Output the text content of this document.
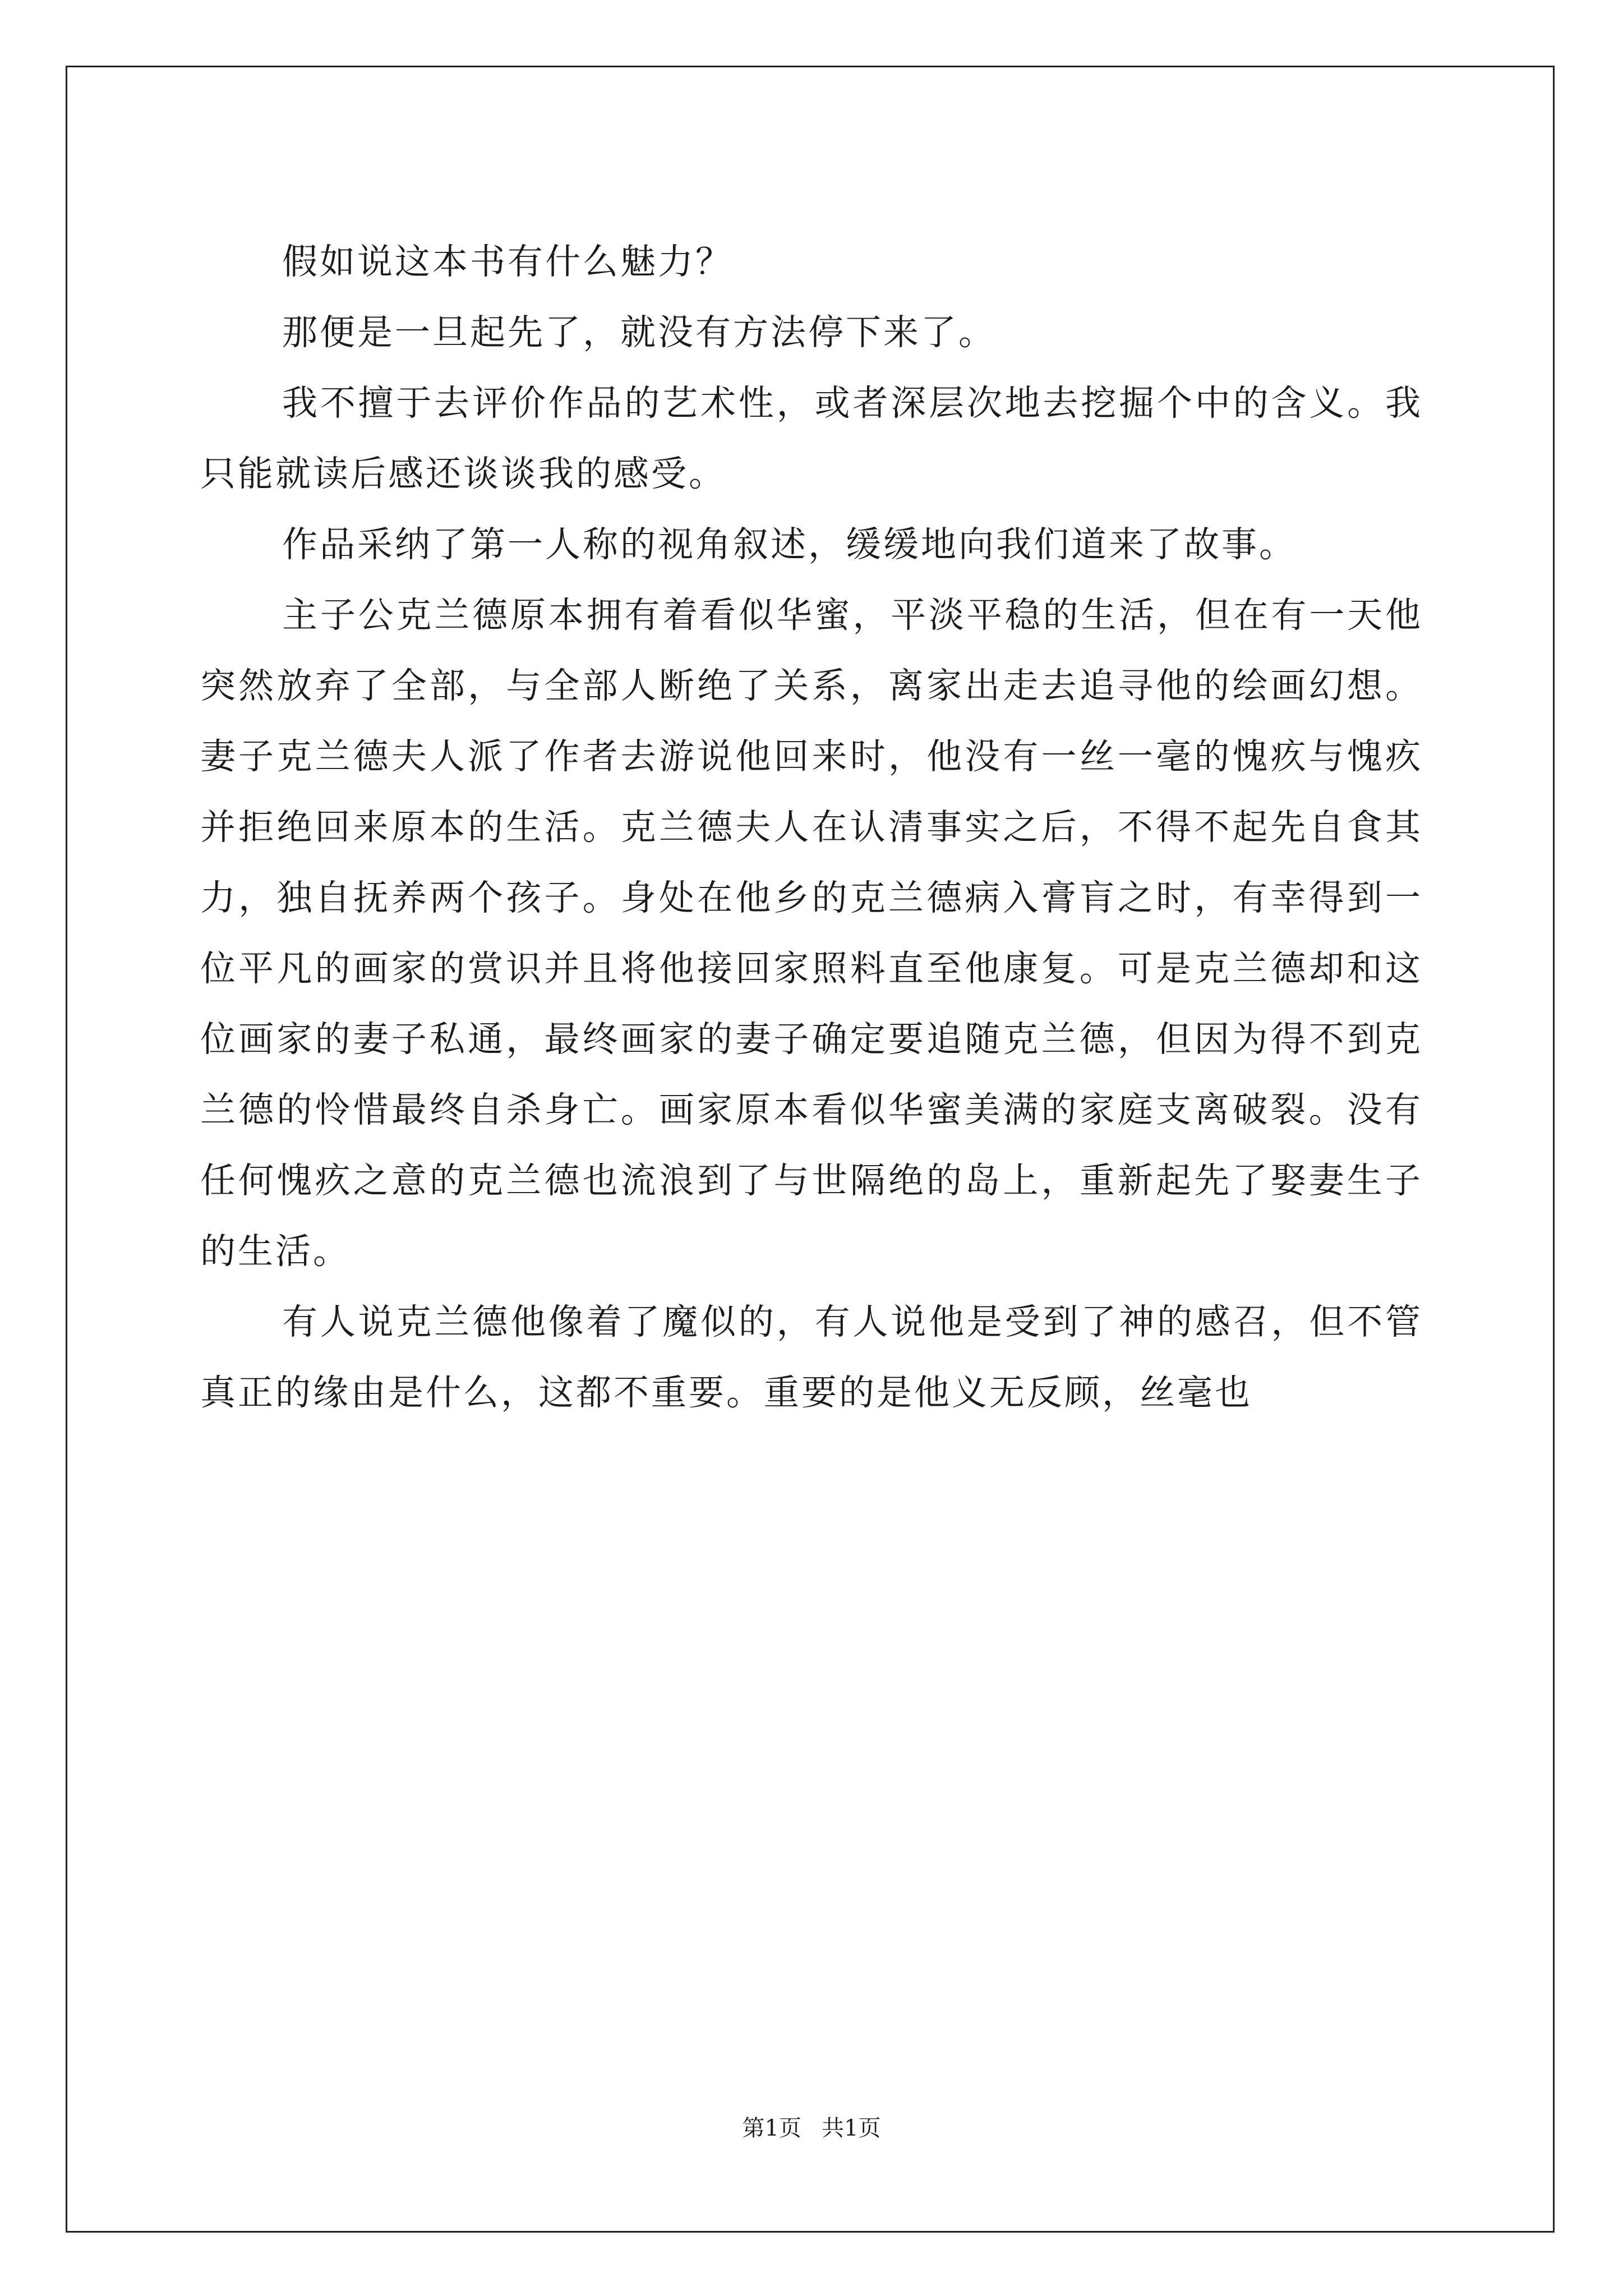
假如说这本书有什么魅力？

那便是一旦起先了，就没有方法停下来了。

我不擅于去评价作品的艺术性，或者深层次地去挖掘个中的含义。我只能就读后感还谈谈我的感受。

作品采纳了第一人称的视角叙述，缓缓地向我们道来了故事。

主子公克兰德原本拥有着看似华蜜，平淡平稳的生活，但在有一天他突然放弃了全部，与全部人断绝了关系，离家出走去追寻他的绘画幻想。妻子克兰德夫人派了作者去游说他回来时，他没有一丝一毫的愧疚与愧疚并拒绝回来原本的生活。克兰德夫人在认清事实之后，不得不起先自食其力，独自抚养两个孩子。身处在他乡的克兰德病入膏肓之时，有幸得到一位平凡的画家的赏识并且将他接回家照料直至他康复。可是克兰德却和这位画家的妻子私通，最终画家的妻子确定要追随克兰德，但因为得不到克兰德的怜惜最终自杀身亡。画家原本看似华蜜美满的家庭支离破裂。没有任何愧疚之意的克兰德也流浪到了与世隔绝的岛上，重新起先了娶妻生子的生活。

有人说克兰德他像着了魔似的，有人说他是受到了神的感召，但不管真正的缘由是什么，这都不重要。重要的是他义无反顾，丝毫也

第1页 共1页
